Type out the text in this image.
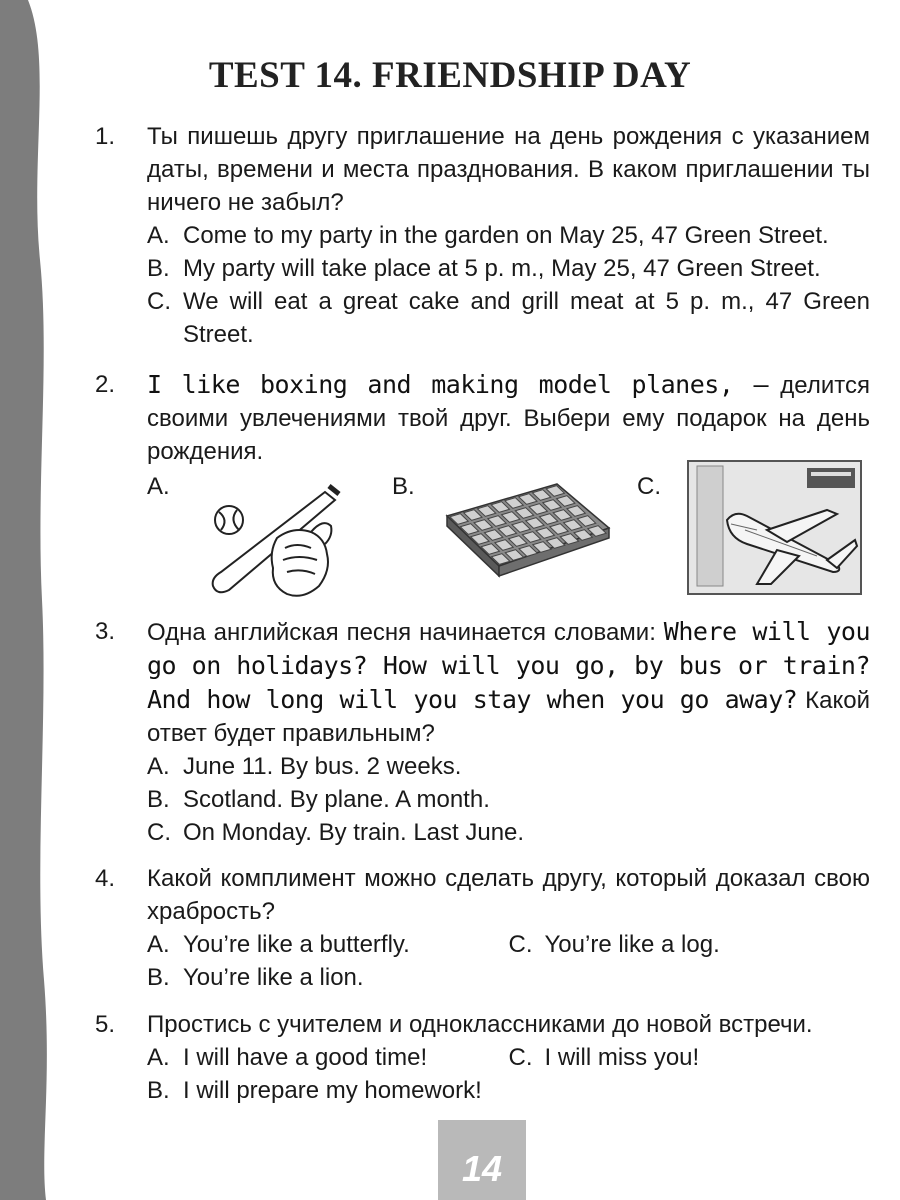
TEST 14. FRIENDSHIP DAY
1. Ты пишешь другу приглашение на день рождения с указанием даты, времени и места празднования. В каком приглашении ты ничего не забыл?
A. Come to my party in the garden on May 25, 47 Green Street.
B. My party will take place at 5 p. m., May 25, 47 Green Street.
C. We will eat a great cake and grill meat at 5 p. m., 47 Green Street.
2. I like boxing and making model planes, — делится своими увлечениями твой друг. Выбери ему подарок на день рождения.
A.	B.	C.
3. Одна английская песня начинается словами: Where will you go on holidays? How will you go, by bus or train? And how long will you stay when you go away? Какой ответ будет правильным?
A. June 11. By bus. 2 weeks.
B. Scotland. By plane. A month.
C. On Monday. By train. Last June.
4. Какой комплимент можно сделать другу, который доказал свою храбрость?
A. You’re like a butterfly.	C. You’re like a log.
B. You’re like a lion.
5. Простись с учителем и одноклассниками до новой встречи.
A. I will have a good time!	C. I will miss you!
B. I will prepare my homework!
14
